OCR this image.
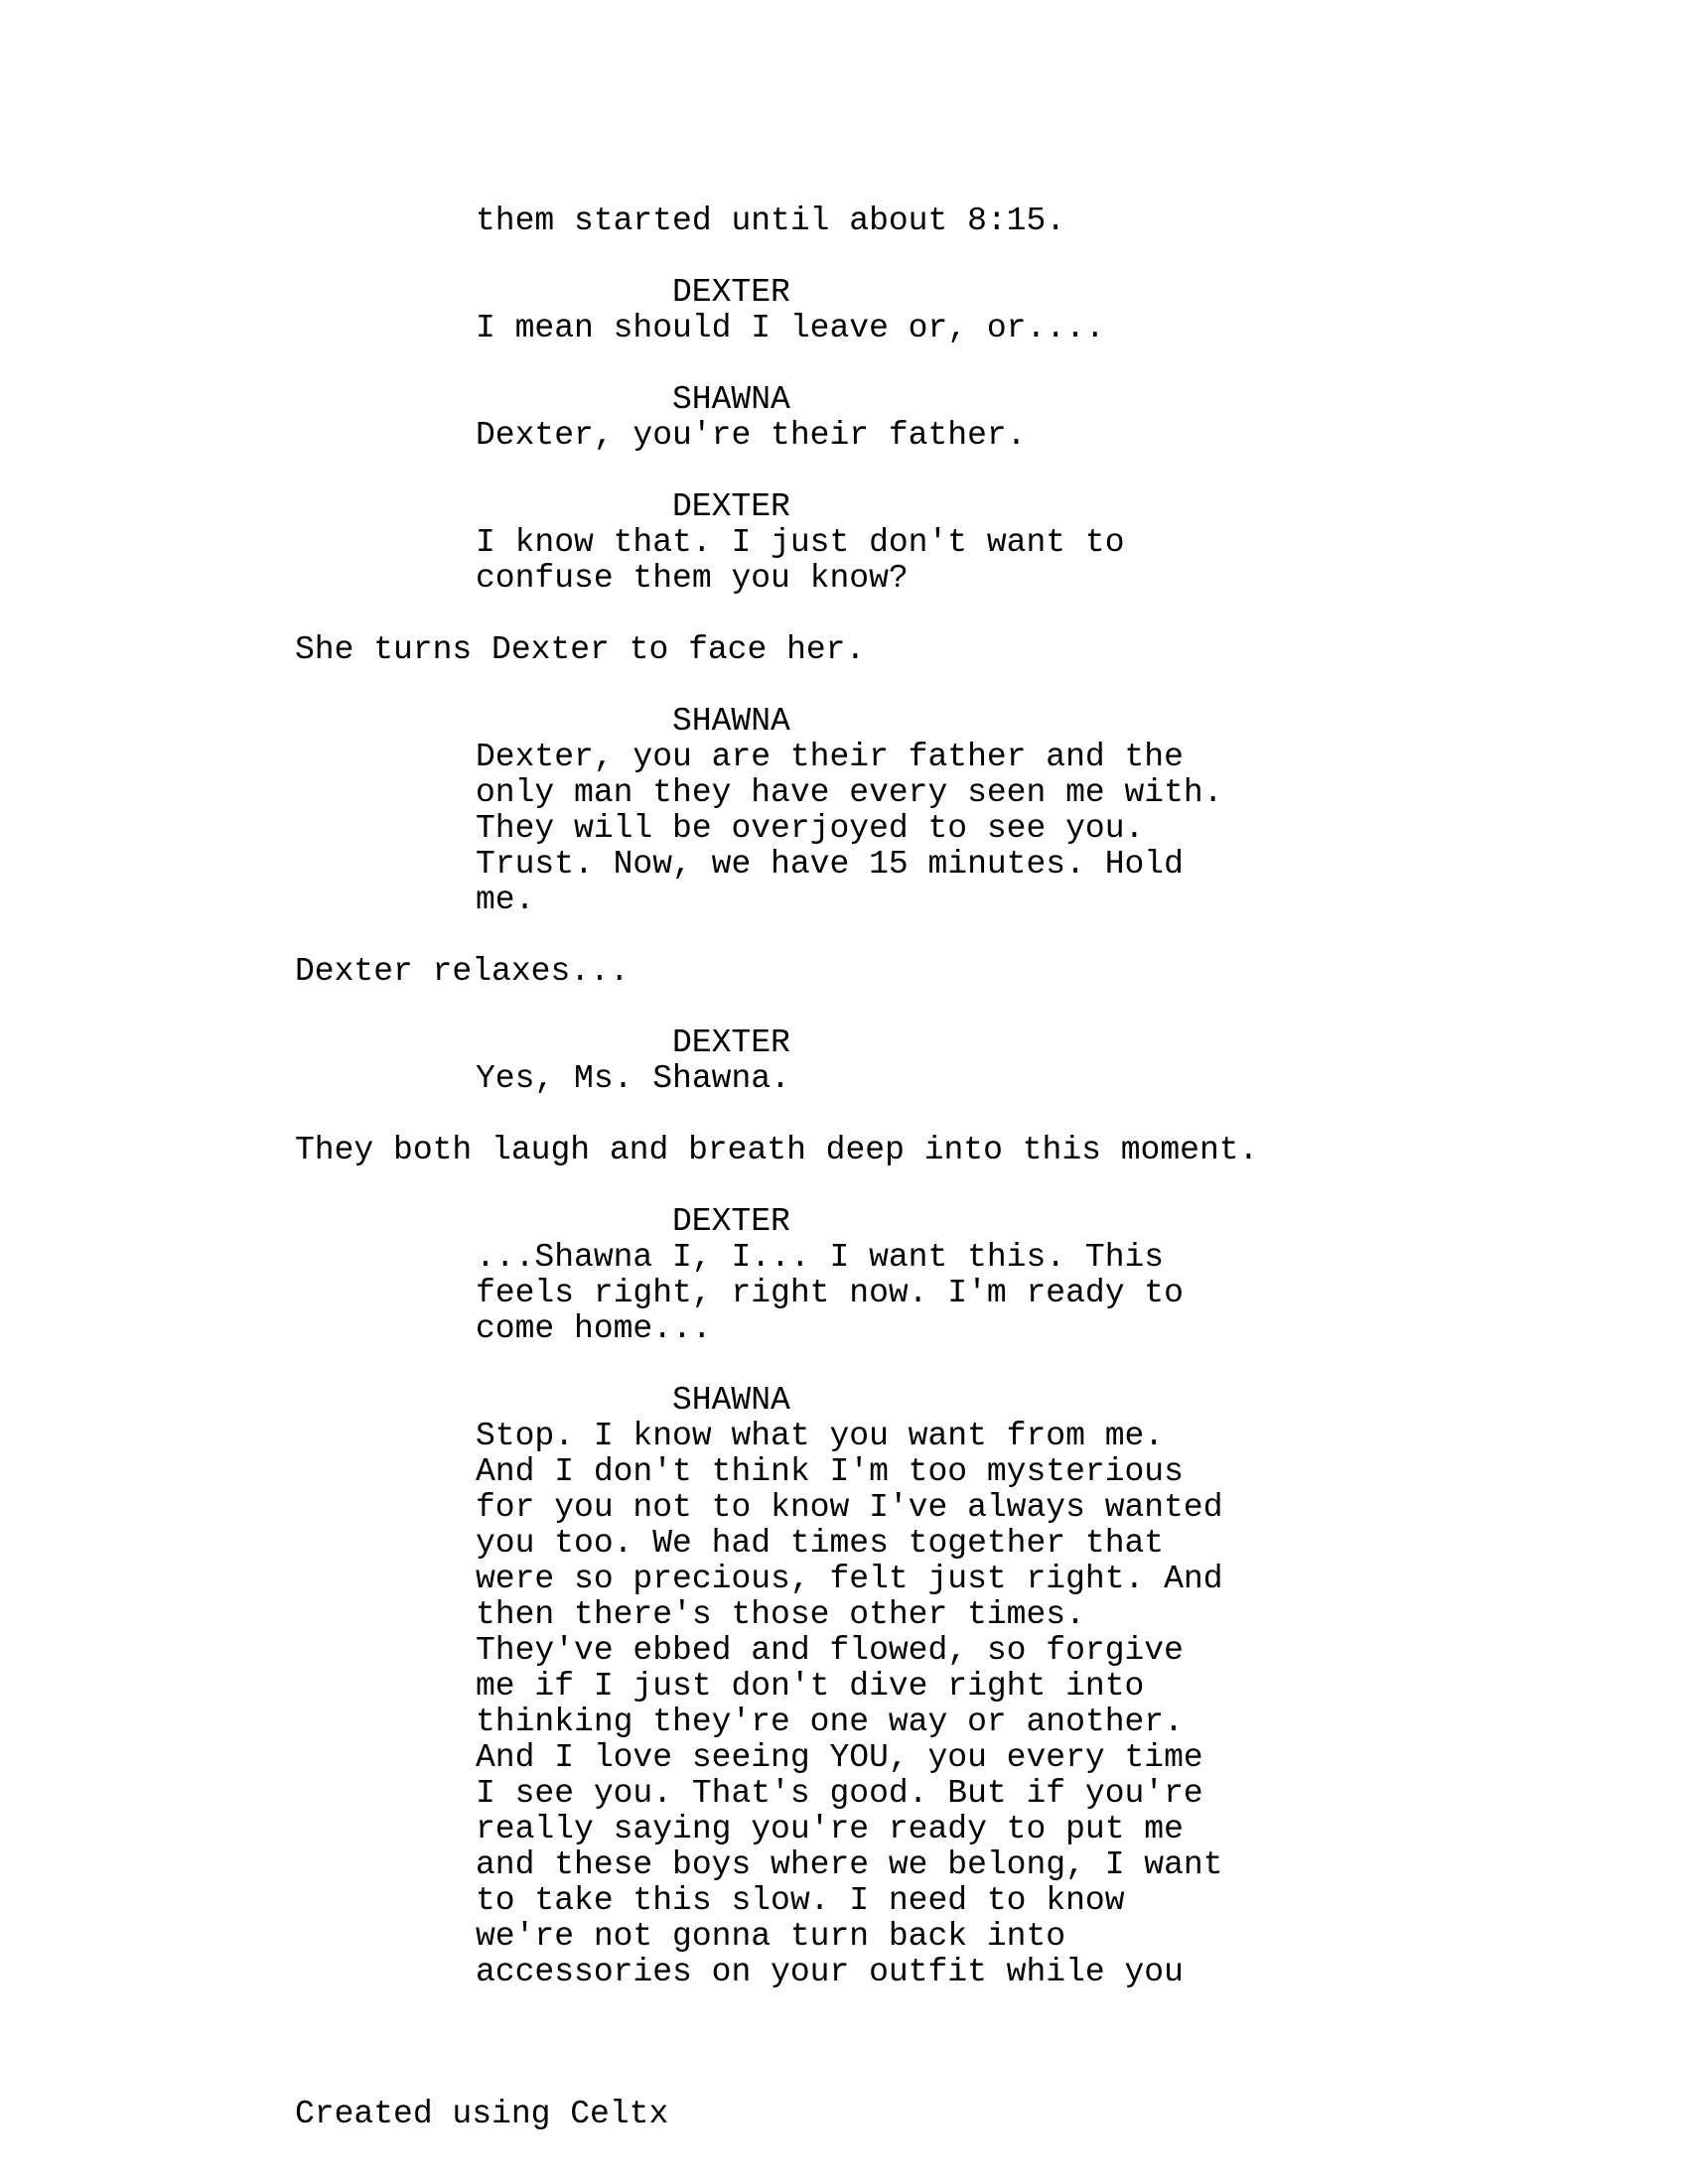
them started until about 8:15.
DEXTER
I mean should I leave or, or....
SHAWNA
Dexter, you're their father.
DEXTER
I know that. I just don't want to
confuse them you know?
She turns Dexter to face her.
SHAWNA
Dexter, you are their father and the
only man they have every seen me with.
They will be overjoyed to see you.
Trust. Now, we have 15 minutes. Hold
me.
Dexter relaxes...
DEXTER
Yes, Ms. Shawna.
They both laugh and breath deep into this moment.
DEXTER
...Shawna I, I... I want this. This
feels right, right now. I'm ready to
come home...
SHAWNA
Stop. I know what you want from me.
And I don't think I'm too mysterious
for you not to know I've always wanted
you too. We had times together that
were so precious, felt just right. And
then there's those other times.
They've ebbed and flowed, so forgive
me if I just don't dive right into
thinking they're one way or another.
And I love seeing YOU, you every time
I see you. That's good. But if you're
really saying you're ready to put me
and these boys where we belong, I want
to take this slow. I need to know
we're not gonna turn back into
accessories on your outfit while you
Created using Celtx
